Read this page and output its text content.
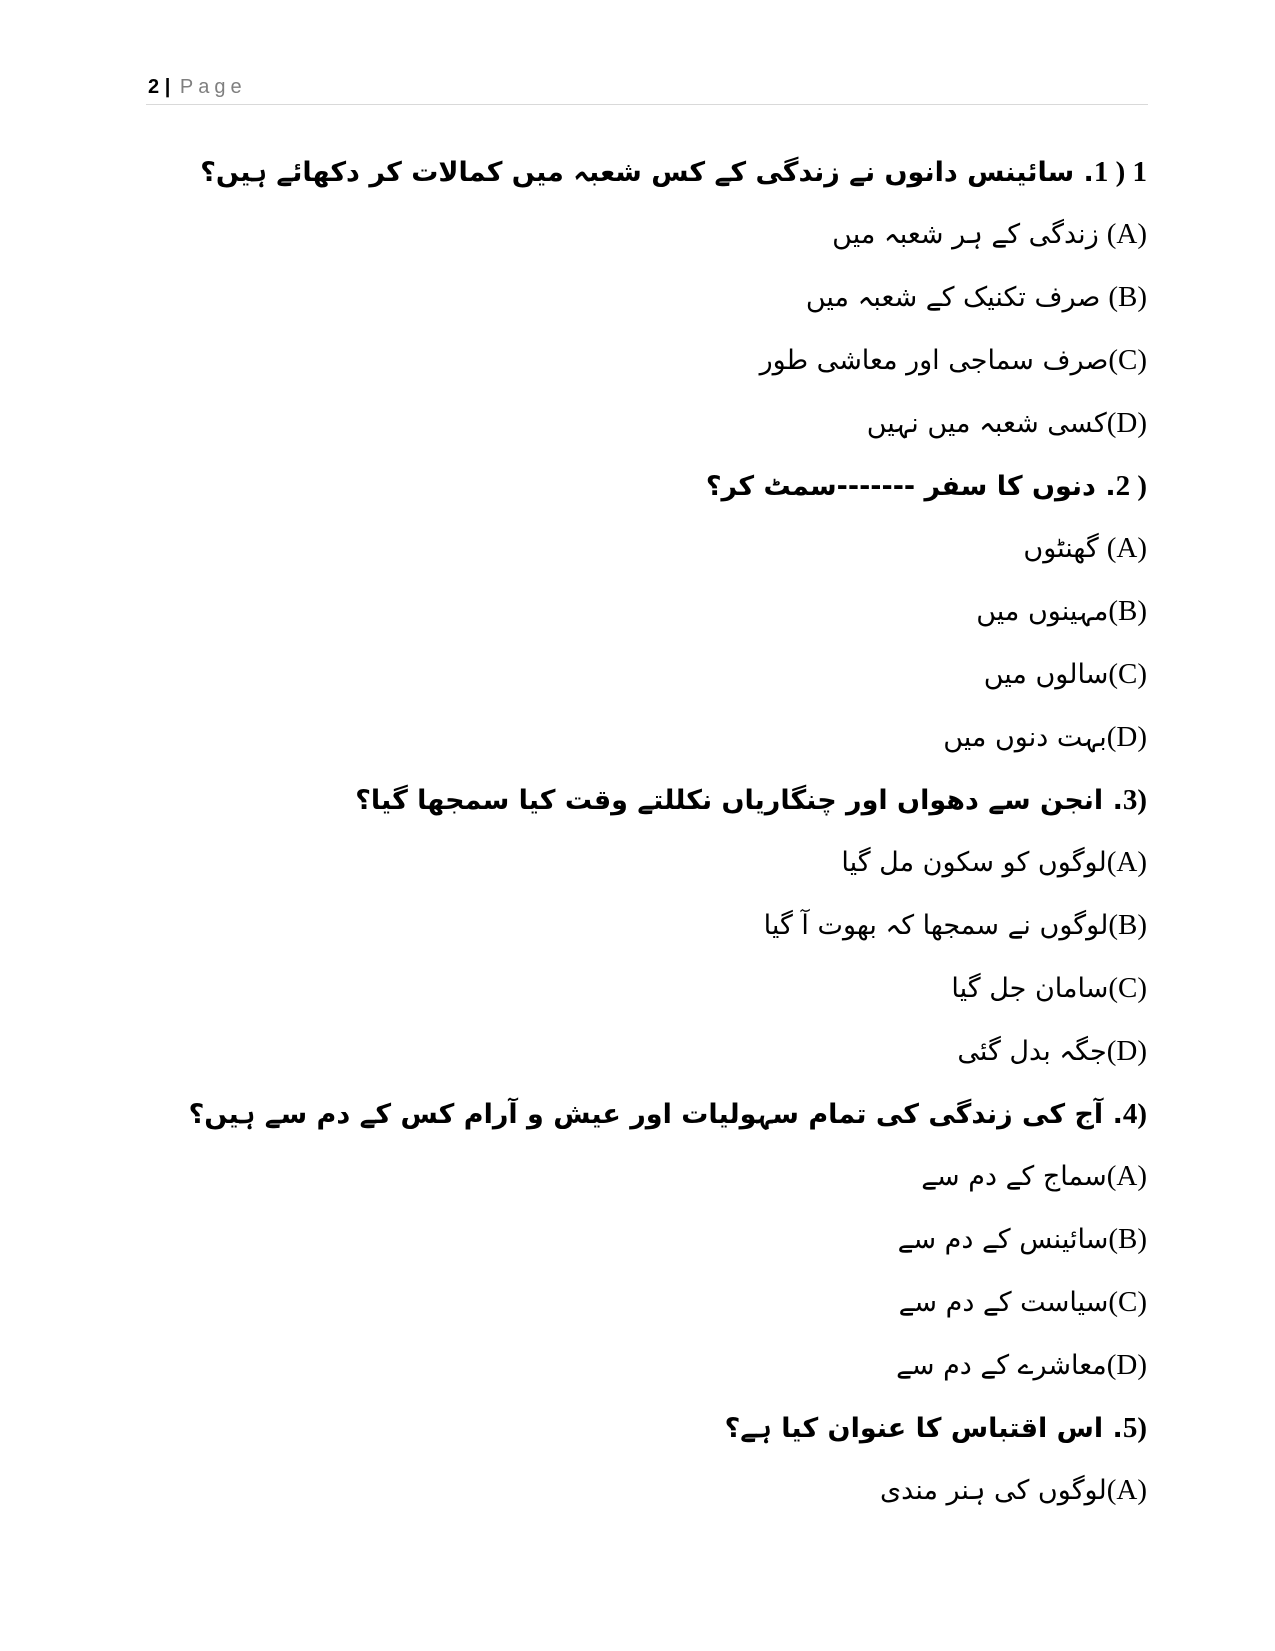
2 | Page
1 ) 1. سائینس دانوں نے زندگی کے کس شعبہ میں کمالات کر دکھائے ہیں؟
(A)زندگی کے ہر شعبہ میں
(B)صرف تکنیک کے شعبہ میں
(C)صرف سماجی اور معاشی طور
(D)کسی شعبہ میں نہیں
2 ). دنوں کا سفر -------سمٹ کر؟
(A)گھنٹوں
(B)مہینوں میں
(C)سالوں میں
(D)بہت دنوں میں
3). انجن سے دھواں اور چنگاریاں نکللتے وقت کیا سمجھا گیا؟
(A)لوگوں کو سکون مل گیا
(B)لوگوں نے سمجھا کہ بھوت آ گیا
(C)سامان جل گیا
(D)جگہ بدل گئی
4). آج کی زندگی کی تمام سہولیات اور عیش و آرام کس کے دم سے ہیں؟
(A)سماج کے دم سے
(B)سائینس کے دم سے
(C)سیاست کے دم سے
(D)معاشرے کے دم سے
5). اس اقتباس کا عنوان کیا ہے؟
(A)لوگوں کی ہنر مندی
